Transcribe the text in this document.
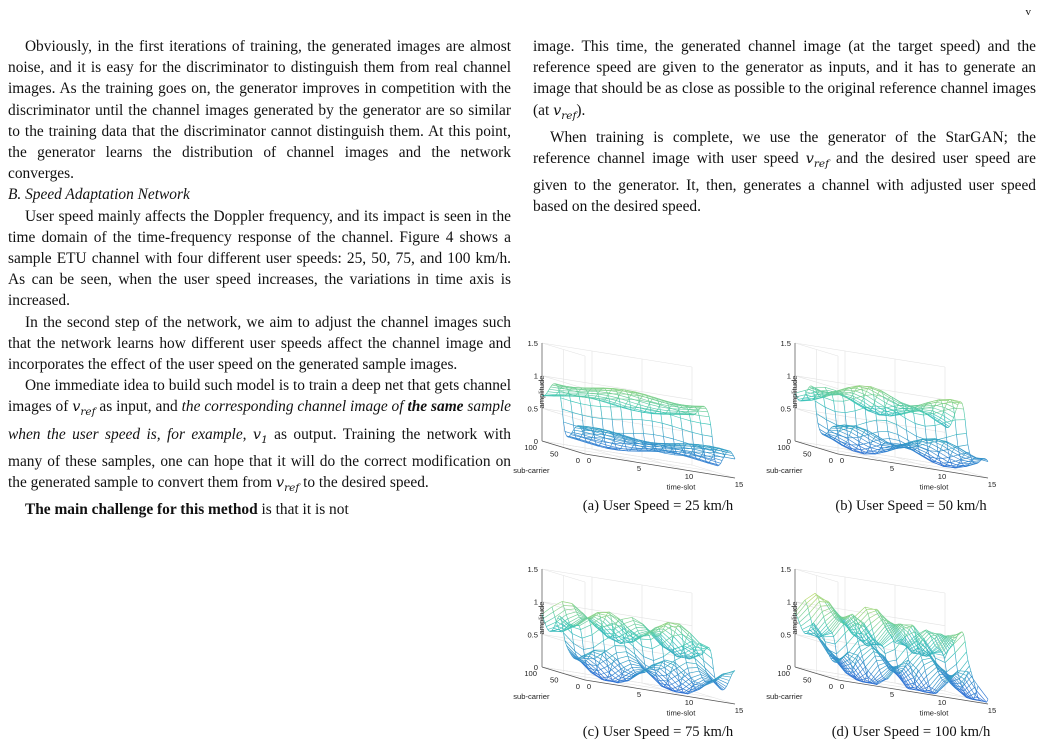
v

Obviously, in the first iterations of training, the generated images are almost noise, and it is easy for the discriminator to distinguish them from real channel images. As the training goes on, the generator improves in competition with the discriminator until the channel images generated by the generator are so similar to the training data that the discriminator cannot distinguish them. At this point, the generator learns the distribution of channel images and the network converges.

B. Speed Adaptation Network

User speed mainly affects the Doppler frequency, and its impact is seen in the time domain of the time-frequency response of the channel. Figure 4 shows a sample ETU channel with four different user speeds: 25, 50, 75, and 100 km/h. As can be seen, when the user speed increases, the variations in time axis is increased.

In the second step of the network, we aim to adjust the channel images such that the network learns how different user speeds affect the channel image and incorporates the effect of the user speed on the generated sample images.

One immediate idea to build such model is to train a deep net that gets channel images of $v_{ref}$ as input, and the corresponding channel image of the same sample when the user speed is, for example, $v_1$ as output. Training the network with many of these samples, one can hope that it will do the correct modification on the generated sample to convert them from $v_{ref}$ to the desired speed.

The main challenge for this method is that it is not

image. This time, the generated channel image (at the target speed) and the reference speed are given to the generator as inputs, and it has to generate an image that should be as close as possible to the original reference channel images (at $v_{ref}$).

When training is complete, we use the generator of the StarGAN; the reference channel image with user speed $v_{ref}$ and the desired user speed are given to the generator. It, then, generates a channel with adjusted user speed based on the desired speed.

0
0.5
1
1.5
100
50
0 0
5
10
15
amplitude
sub-carrier
time-slot
(a) User Speed = 25 km/h
0
0.5
1
1.5
100
50
0 0
5
10
15
amplitude
sub-carrier
time-slot
(b) User Speed = 50 km/h
0
0.5
1
1.5
100
50
0 0
5
10
15
amplitude
sub-carrier
time-slot
(c) User Speed = 75 km/h
0
0.5
1
1.5
100
50
0 0
5
10
15
amplitude
sub-carrier
time-slot
(d) User Speed = 100 km/h
